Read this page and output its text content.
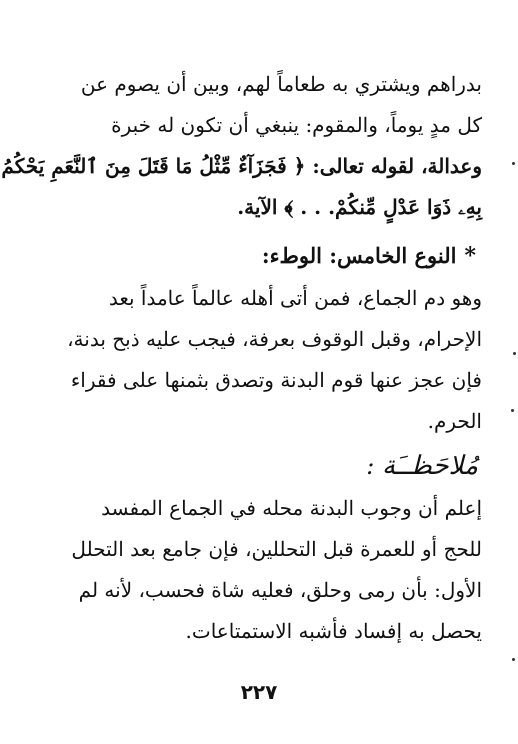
بدراهم ويشتري به طعاماً لهم، وبين أن يصوم عن
كل مدٍ يوماً، والمقوم: ينبغي أن تكون له خبرة
وعدالة، لقوله تعالى: ﴿ فَجَزَآءٌ مِّثْلُ مَا قَتَلَ مِنَ ٱلنَّعَمِ يَحْكُمُ
بِهِۦ ذَوَا عَدْلٍ مِّنكُمْ. . . ﴾ الآية.
*النوع الخامس: الوطء:
وهو دم الجماع، فمن أتى أهله عالماً عامداً بعد
الإحرام، وقبل الوقوف بعرفة، فيجب عليه ذبح بدنة،
فإن عجز عنها قوم البدنة وتصدق بثمنها على فقراء
الحرم.
مُلاحَظــَة :
إعلم أن وجوب البدنة محله في الجماع المفسد
للحج أو للعمرة قبل التحللين، فإن جامع بعد التحلل
الأول: بأن رمى وحلق، فعليه شاة فحسب، لأنه لم
يحصل به إفساد فأشبه الاستمتاعات.
٢٢٧
